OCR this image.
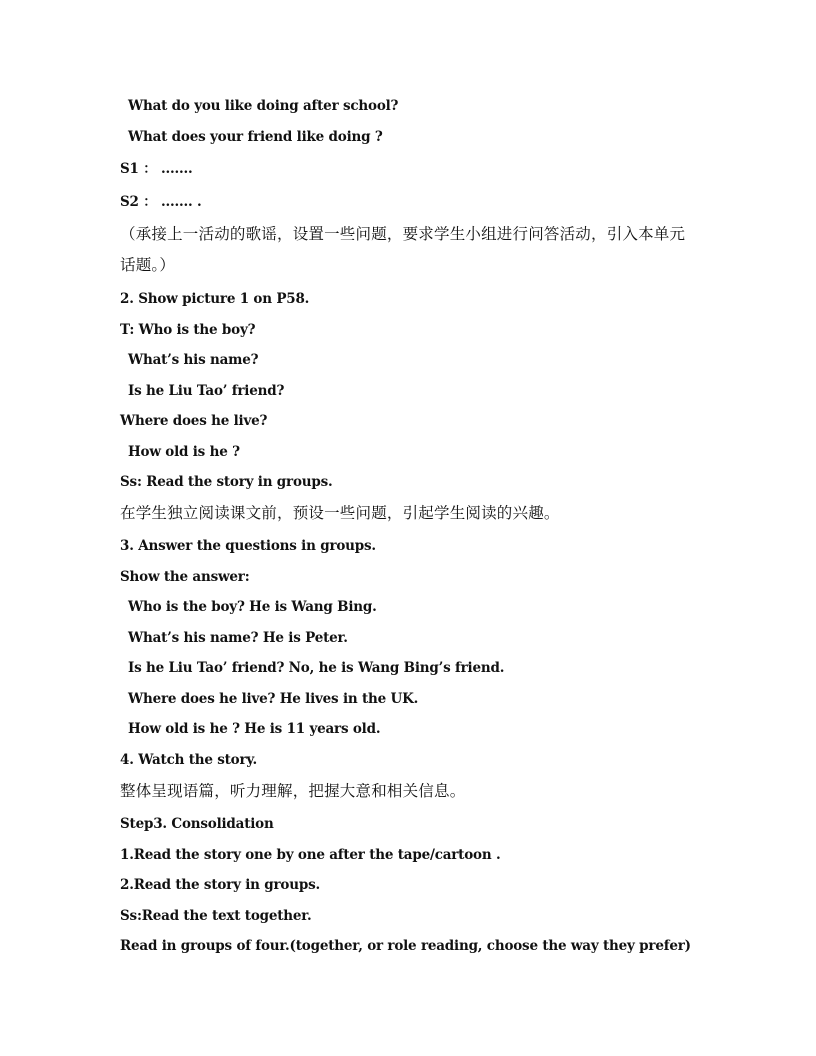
What do you like doing after school?
What does your friend like doing ?
S1 ： .......
S2 ： ....... .
（承接上一活动的歌谣，设置一些问题，要求学生小组进行问答活动，引入本单元
话题。）
2. Show picture 1 on P58.
T: Who is the boy?
What’s his name?
Is he Liu Tao’ friend?
Where does he live?
How old is he ?
Ss: Read the story in groups.
在学生独立阅读课文前，预设一些问题，引起学生阅读的兴趣。
3. Answer the questions in groups.
Show the answer:
Who is the boy? He is Wang Bing.
What’s his name? He is Peter.
Is he Liu Tao’ friend? No, he is Wang Bing’s friend.
Where does he live? He lives in the UK.
How old is he ? He is 11 years old.
4. Watch the story.
整体呈现语篇，听力理解，把握大意和相关信息。
Step3. Consolidation
1.Read the story one by one after the tape/cartoon .
2.Read the story in groups.
Ss:Read the text together.
Read in groups of four.(together, or role reading, choose the way they prefer)
